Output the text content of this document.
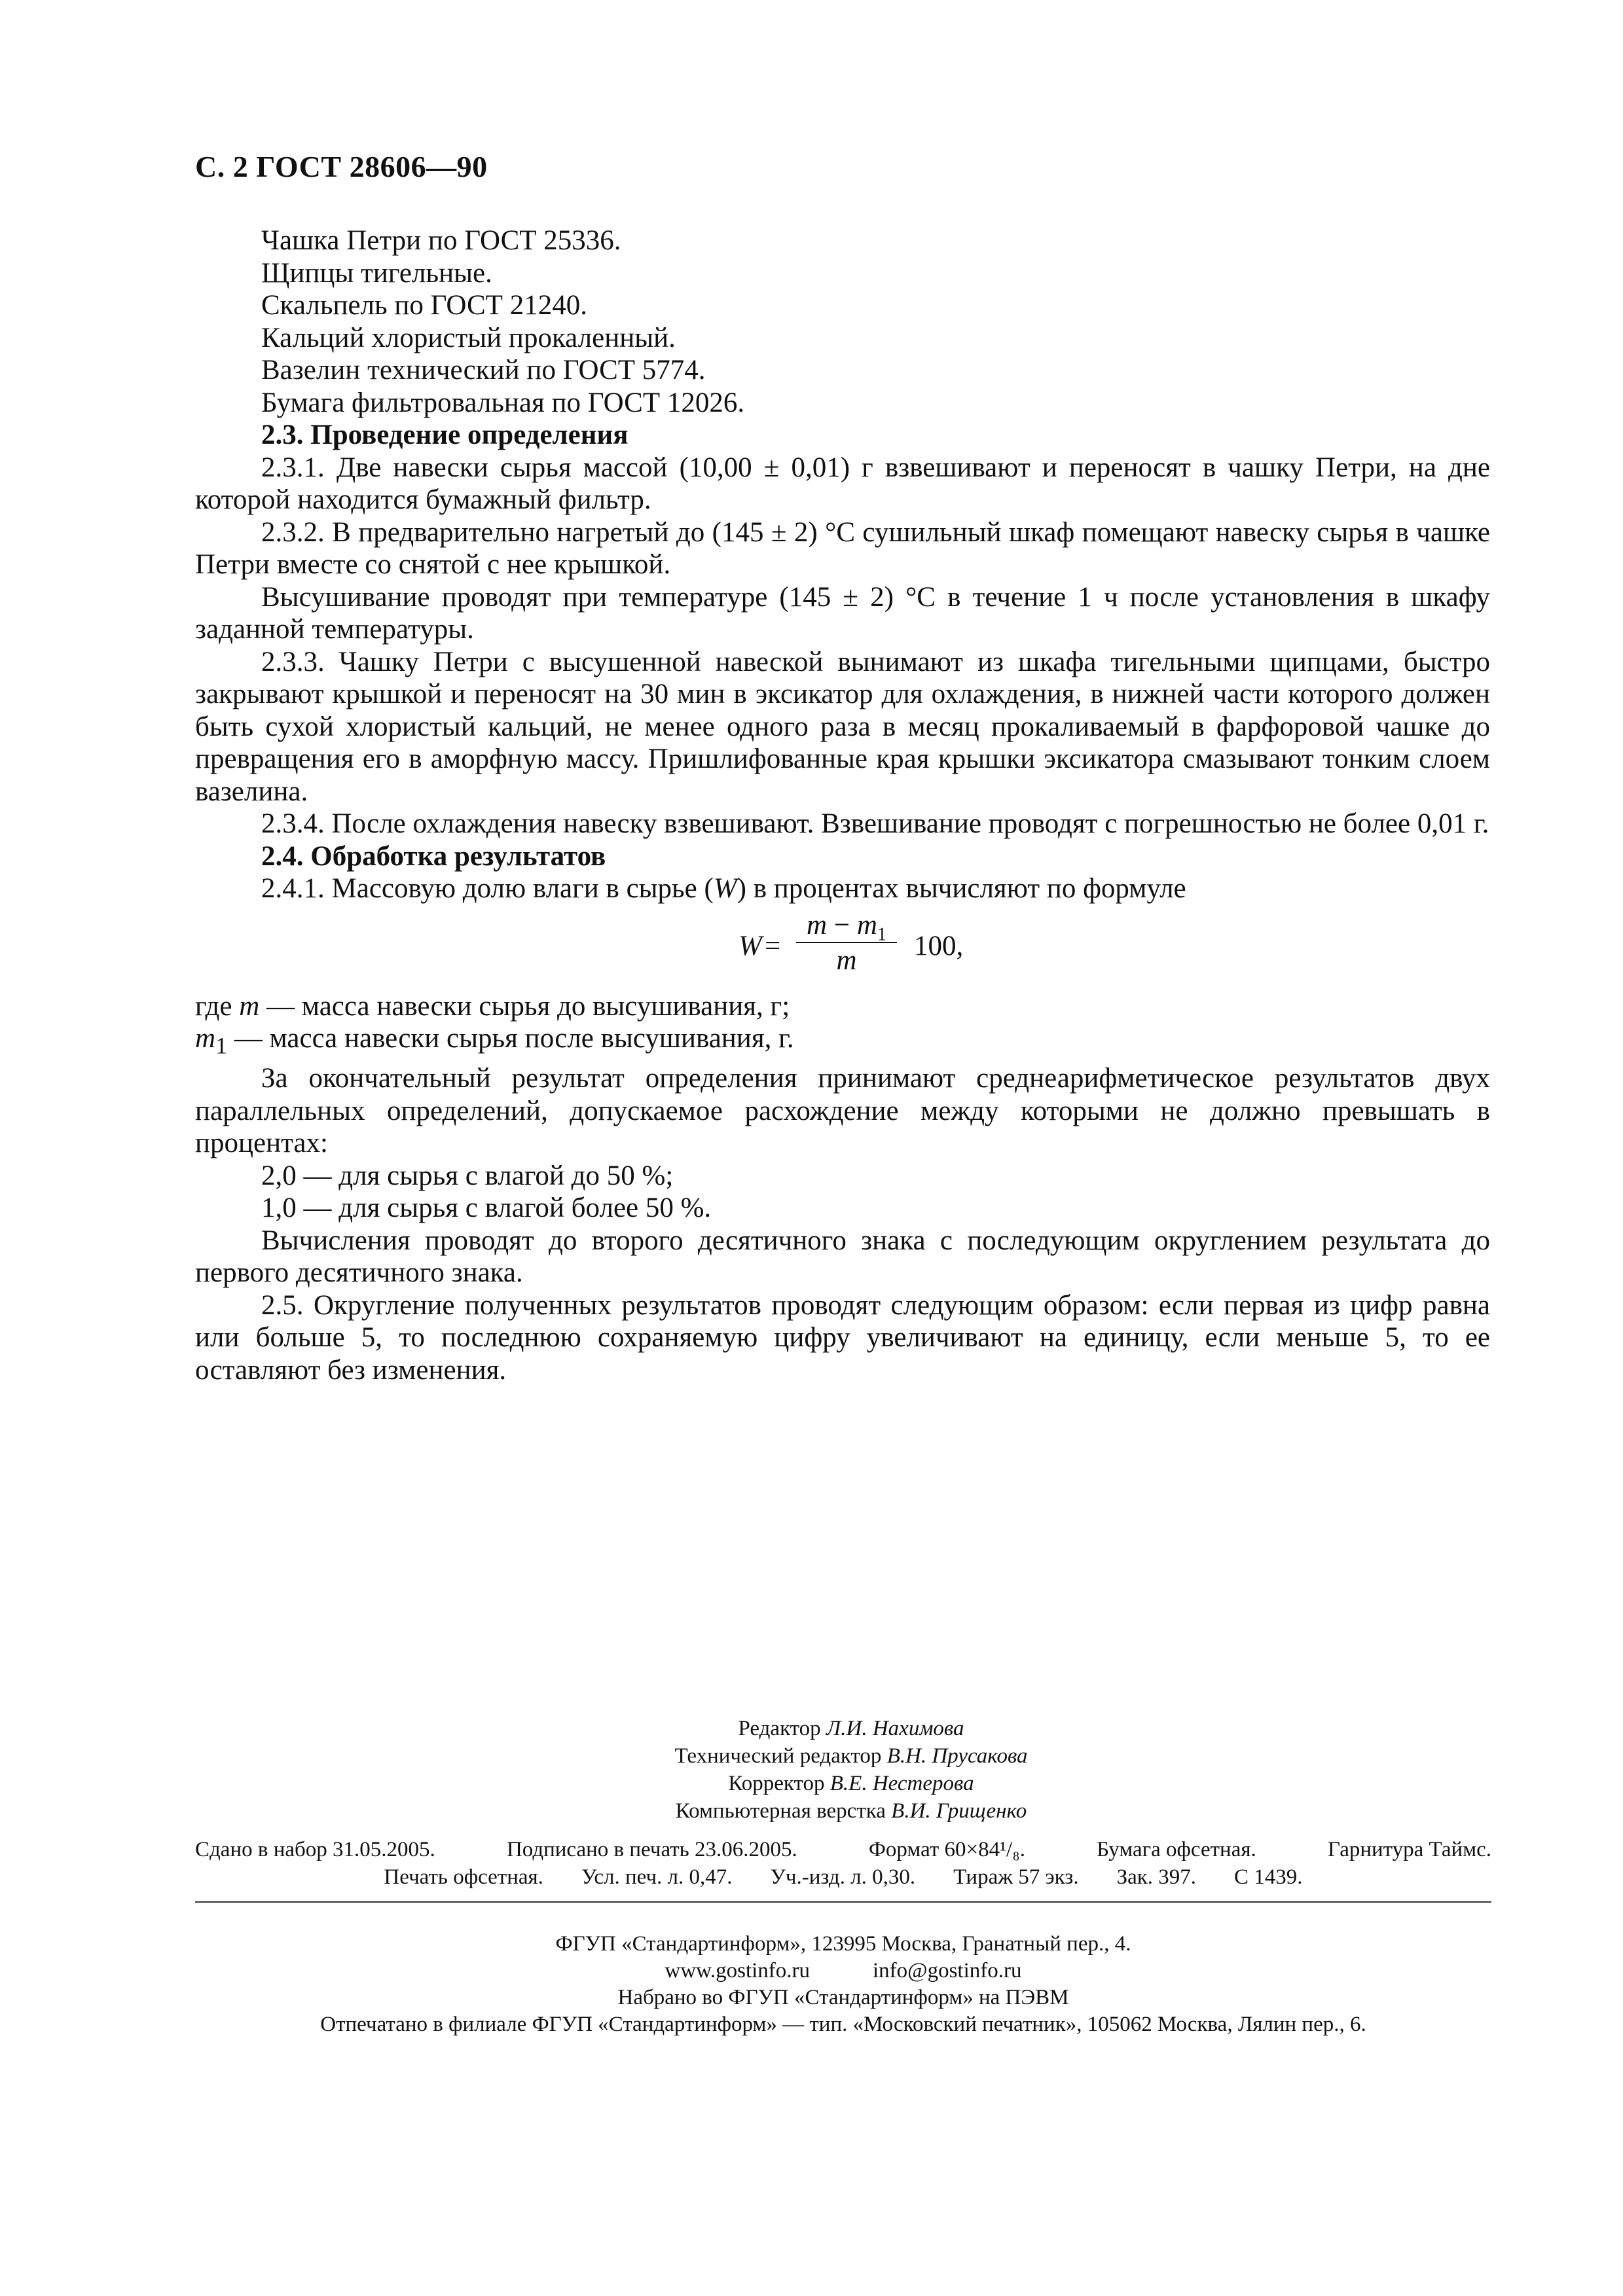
С. 2 ГОСТ 28606—90

Чашка Петри по ГОСТ 25336.

Щипцы тигельные.

Скальпель по ГОСТ 21240.

Кальций хлористый прокаленный.

Вазелин технический по ГОСТ 5774.

Бумага фильтровальная по ГОСТ 12026.

2.3. Проведение определения

2.3.1. Две навески сырья массой (10,00 ± 0,01) г взвешивают и переносят в чашку Петри, на дне которой находится бумажный фильтр.

2.3.2. В предварительно нагретый до (145 ± 2) °С сушильный шкаф помещают навеску сырья в чашке Петри вместе со снятой с нее крышкой.

Высушивание проводят при температуре (145 ± 2) °С в течение 1 ч после установления в шкафу заданной температуры.

2.3.3. Чашку Петри с высушенной навеской вынимают из шкафа тигельными щипцами, быстро закрывают крышкой и переносят на 30 мин в эксикатор для охлаждения, в нижней части которого должен быть сухой хлористый кальций, не менее одного раза в месяц прокаливаемый в фарфоровой чашке до превращения его в аморфную массу. Пришлифованные края крышки эксикатора смазывают тонким слоем вазелина.

2.3.4. После охлаждения навеску взвешивают. Взвешивание проводят с погрешностью не более 0,01 г.

2.4. Обработка результатов

2.4.1. Массовую долю влаги в сырье (W) в процентах вычисляют по формуле

W =
$m - m_1$
m	100,

где m — масса навески сырья до высушивания, г;

$m_1$ — масса навески сырья после высушивания, г.

За окончательный результат определения принимают среднеарифметическое результатов двух параллельных определений, допускаемое расхождение между которыми не должно превышать в процентах:

2,0 — для сырья с влагой до 50 %;

1,0 — для сырья с влагой более 50 %.

Вычисления проводят до второго десятичного знака с последующим округлением результата до первого десятичного знака.

2.5. Округление полученных результатов проводят следующим образом: если первая из цифр равна или больше 5, то последнюю сохраняемую цифру увеличивают на единицу, если меньше 5, то ее оставляют без изменения.

Редактор Л.И. Нахимова

Технический редактор В.Н. Прусакова

Корректор В.Е. Нестерова

Компьютерная верстка В.И. Грищенко

Сдано в набор 31.05.2005.	Подписано в печать 23.06.2005.	Формат 60×84¹/₈.	Бумага офсетная.	Гарнитура Таймс.
Печать офсетная. Усл. печ. л. 0,47. Уч.-изд. л. 0,30. Тираж 57 экз. Зак. 397. С 1439.

ФГУП «Стандартинформ», 123995 Москва, Гранатный пер., 4.

www.gostinfo.ru	info@gostinfo.ru

Набрано во ФГУП «Стандартинформ» на ПЭВМ

Отпечатано в филиале ФГУП «Стандартинформ» — тип. «Московский печатник», 105062 Москва, Лялин пер., 6.
